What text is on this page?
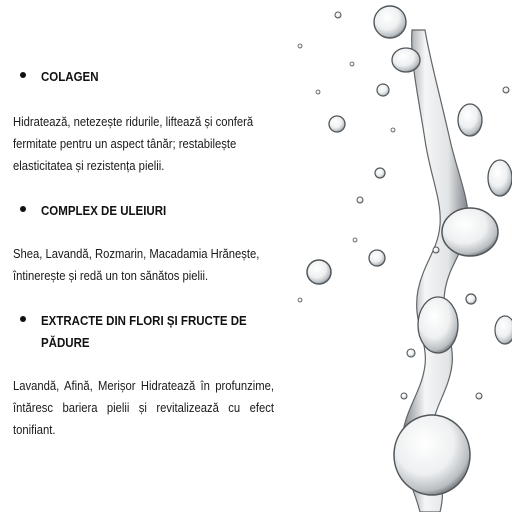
COLAGEN
Hidratează, netezește ridurile, liftează și conferă fermitate pentru un aspect tânăr; restabilește elasticitatea și rezistența pielii.
COMPLEX DE ULEIURI
Shea, Lavandă, Rozmarin, Macadamia Hrănește, întinerește și redă un ton sănătos pielii.
EXTRACTE DIN FLORI ȘI FRUCTE DE PĂDURE
Lavandă, Afină, Merișor Hidratează în profunzime, întăresc bariera pielii și revitalizează cu efect tonifiant.
